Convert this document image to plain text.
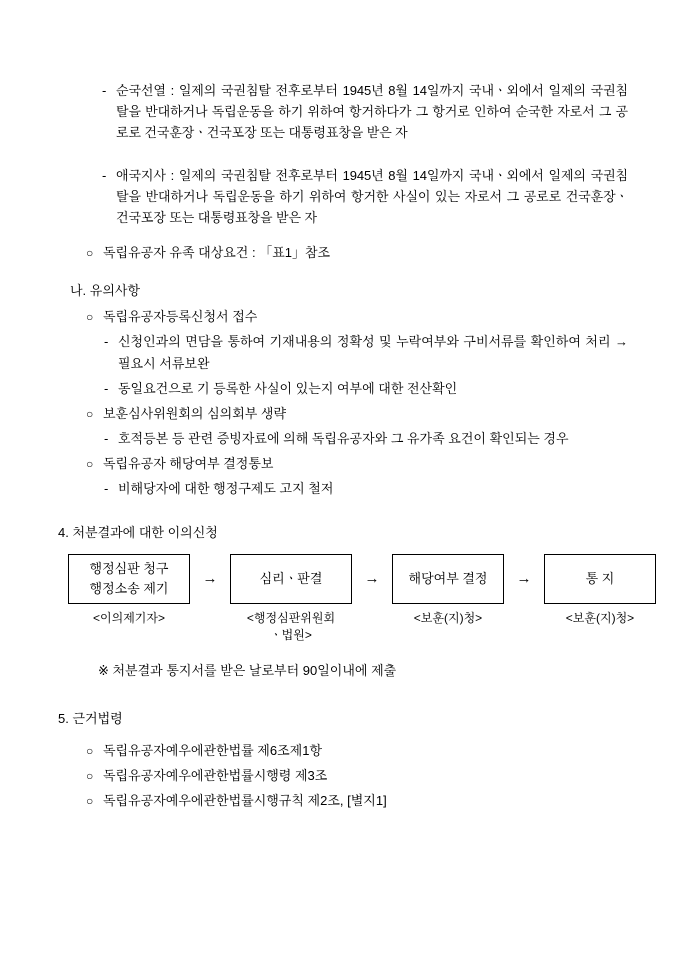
- 순국선열 : 일제의 국권침탈 전후로부터 1945년 8월 14일까지 국내ㆍ외에서 일제의 국권침탈을 반대하거나 독립운동을 하기 위하여 항거하다가 그 항거로 인하여 순국한 자로서 그 공로로 건국훈장ㆍ건국포장 또는 대통령표창을 받은 자
- 애국지사 : 일제의 국권침탈 전후로부터 1945년 8월 14일까지 국내ㆍ외에서 일제의 국권침탈을 반대하거나 독립운동을 하기 위하여 항거한 사실이 있는 자로서 그 공로로 건국훈장ㆍ건국포장 또는 대통령표창을 받은 자
○ 독립유공자 유족 대상요건 : 「표1」참조
나. 유의사항
○ 독립유공자등록신청서 접수
- 신청인과의 면담을 통하여 기재내용의 정확성 및 누락여부와 구비서류를 확인하여 처리 → 필요시 서류보완
- 동일요건으로 기 등록한 사실이 있는지 여부에 대한 전산확인
○ 보훈심사위원회의 심의회부 생략
- 호적등본 등 관련 증빙자료에 의해 독립유공자와 그 유가족 요건이 확인되는 경우
○ 독립유공자 해당여부 결정통보
- 비해당자에 대한 행정구제도 고지 철저
4. 처분결과에 대한 이의신청
행정심판 청구
행정소송 제기
<이의제기자>
→	심리ㆍ판결
<행정심판위원회
ㆍ법원>
→	해당여부 결정
<보훈(지)청>
→	통 지
<보훈(지)청>
※ 처분결과 통지서를 받은 날로부터 90일이내에 제출
5. 근거법령
○ 독립유공자예우에관한법률 제6조제1항
○ 독립유공자예우에관한법률시행령 제3조
○ 독립유공자예우에관한법률시행규칙 제2조, [별지1]
